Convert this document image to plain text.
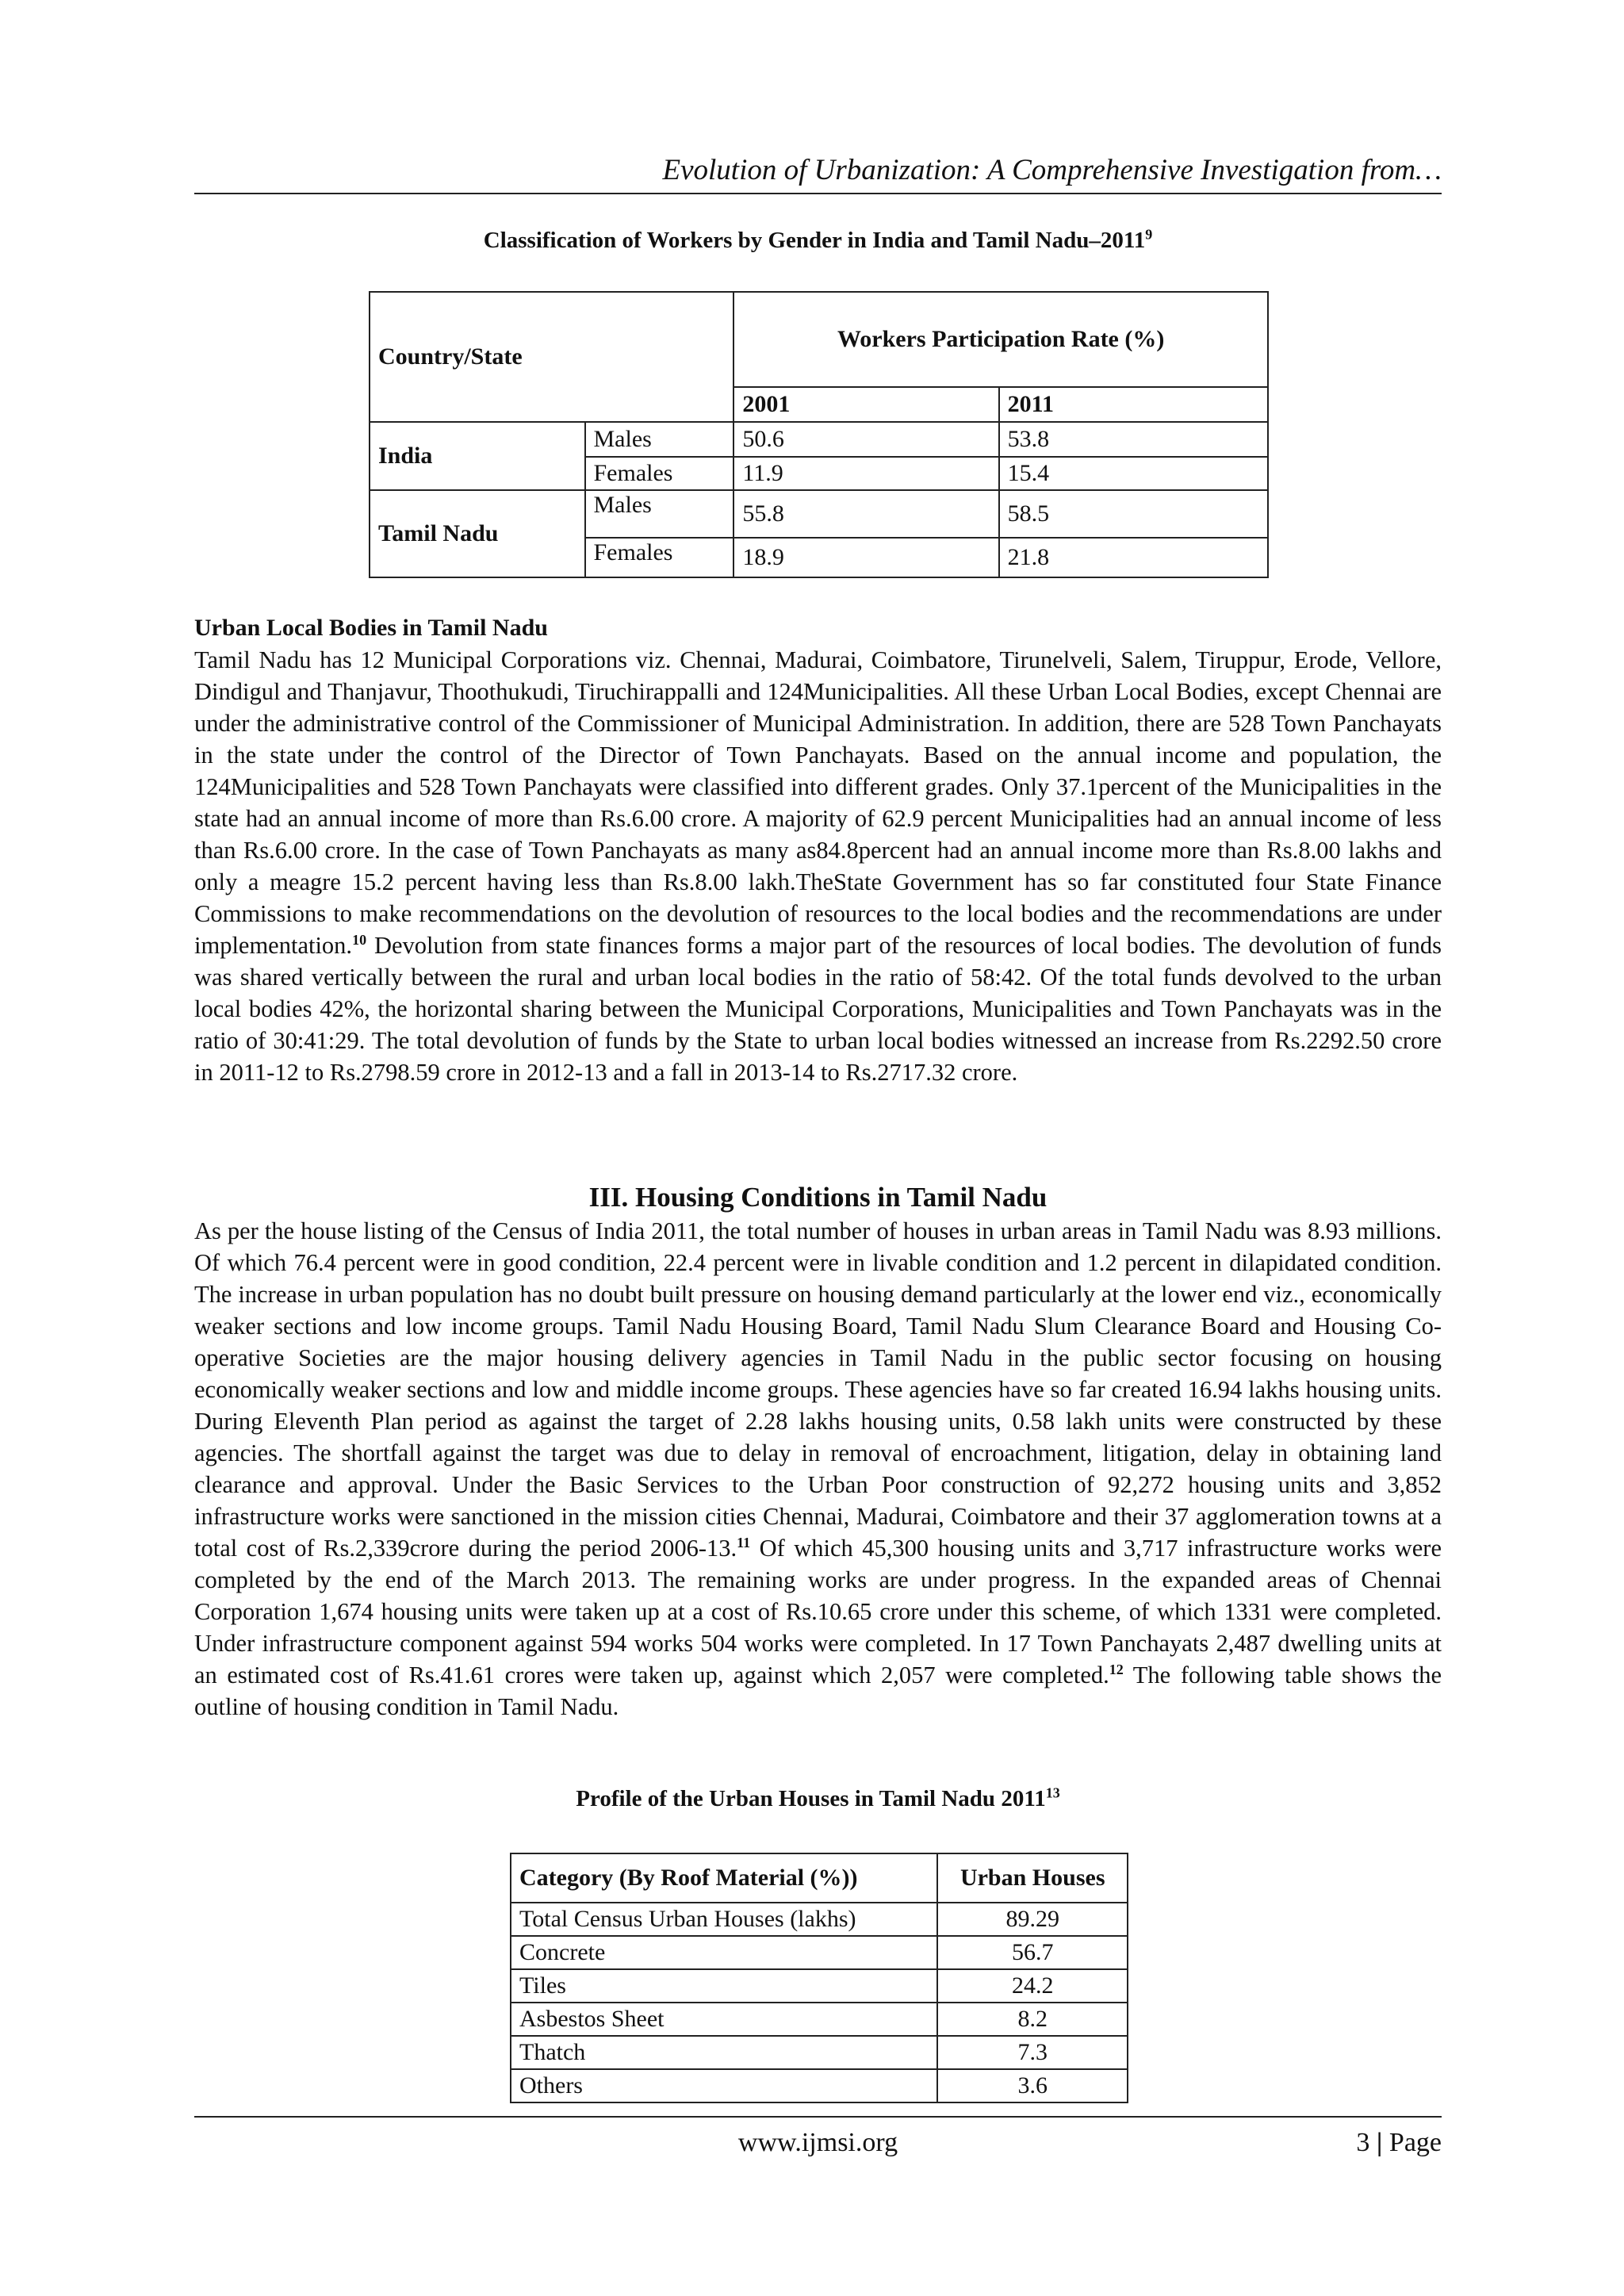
Evolution of Urbanization: A Comprehensive Investigation from…
Classification of Workers by Gender in India and Tamil Nadu–2011$^9$
Country/State		Workers Participation Rate (%)	
		2001	2011
India	Males	50.6	53.8
	Females	11.9	15.4
Tamil Nadu	Males	55.8	58.5
	Females	18.9	21.8
Urban Local Bodies in Tamil Nadu

Tamil Nadu has 12 Municipal Corporations viz. Chennai, Madurai, Coimbatore, Tirunelveli, Salem, Tiruppur, Erode, Vellore, Dindigul and Thanjavur, Thoothukudi, Tiruchirappalli and 124Municipalities. All these Urban Local Bodies, except Chennai are under the administrative control of the Commissioner of Municipal Administration. In addition, there are 528 Town Panchayats in the state under the control of the Director of Town Panchayats. Based on the annual income and population, the 124Municipalities and 528 Town Panchayats were classified into different grades. Only 37.1percent of the Municipalities in the state had an annual income of more than Rs.6.00 crore. A majority of 62.9 percent Municipalities had an annual income of less than Rs.6.00 crore. In the case of Town Panchayats as many as84.8percent had an annual income more than Rs.8.00 lakhs and only a meagre 15.2 percent having less than Rs.8.00 lakh.TheState Government has so far constituted four State Finance Commissions to make recommendations on the devolution of resources to the local bodies and the recommendations are under implementation.$^{10}$ Devolution from state finances forms a major part of the resources of local bodies. The devolution of funds was shared vertically between the rural and urban local bodies in the ratio of 58:42. Of the total funds devolved to the urban local bodies 42%, the horizontal sharing between the Municipal Corporations, Municipalities and Town Panchayats was in the ratio of 30:41:29. The total devolution of funds by the State to urban local bodies witnessed an increase from Rs.2292.50 crore in 2011-12 to Rs.2798.59 crore in 2012-13 and a fall in 2013-14 to Rs.2717.32 crore.

III. Housing Conditions in Tamil Nadu

As per the house listing of the Census of India 2011, the total number of houses in urban areas in Tamil Nadu was 8.93 millions. Of which 76.4 percent were in good condition, 22.4 percent were in livable condition and 1.2 percent in dilapidated condition. The increase in urban population has no doubt built pressure on housing demand particularly at the lower end viz., economically weaker sections and low income groups. Tamil Nadu Housing Board, Tamil Nadu Slum Clearance Board and Housing Co-operative Societies are the major housing delivery agencies in Tamil Nadu in the public sector focusing on housing economically weaker sections and low and middle income groups. These agencies have so far created 16.94 lakhs housing units. During Eleventh Plan period as against the target of 2.28 lakhs housing units, 0.58 lakh units were constructed by these agencies. The shortfall against the target was due to delay in removal of encroachment, litigation, delay in obtaining land clearance and approval. Under the Basic Services to the Urban Poor construction of 92,272 housing units and 3,852 infrastructure works were sanctioned in the mission cities Chennai, Madurai, Coimbatore and their 37 agglomeration towns at a total cost of Rs.2,339crore during the period 2006-13.11 Of which 45,300 housing units and 3,717 infrastructure works were completed by the end of the March 2013. The remaining works are under progress. In the expanded areas of Chennai Corporation 1,674 housing units were taken up at a cost of Rs.10.65 crore under this scheme, of which 1331 were completed. Under infrastructure component against 594 works 504 works were completed. In 17 Town Panchayats 2,487 dwelling units at an estimated cost of Rs.41.61 crores were taken up, against which 2,057 were completed.$^{12}$ The following table shows the outline of housing condition in Tamil Nadu.

Profile of the Urban Houses in Tamil Nadu 2011$^{13}$
Category (By Roof Material (%))	Urban Houses
Total Census Urban Houses (lakhs)	89.29
Concrete	56.7
Tiles	24.2
Asbestos Sheet	8.2
Thatch	7.3
Others	3.6
www.ijmsi.org	3 | Page
